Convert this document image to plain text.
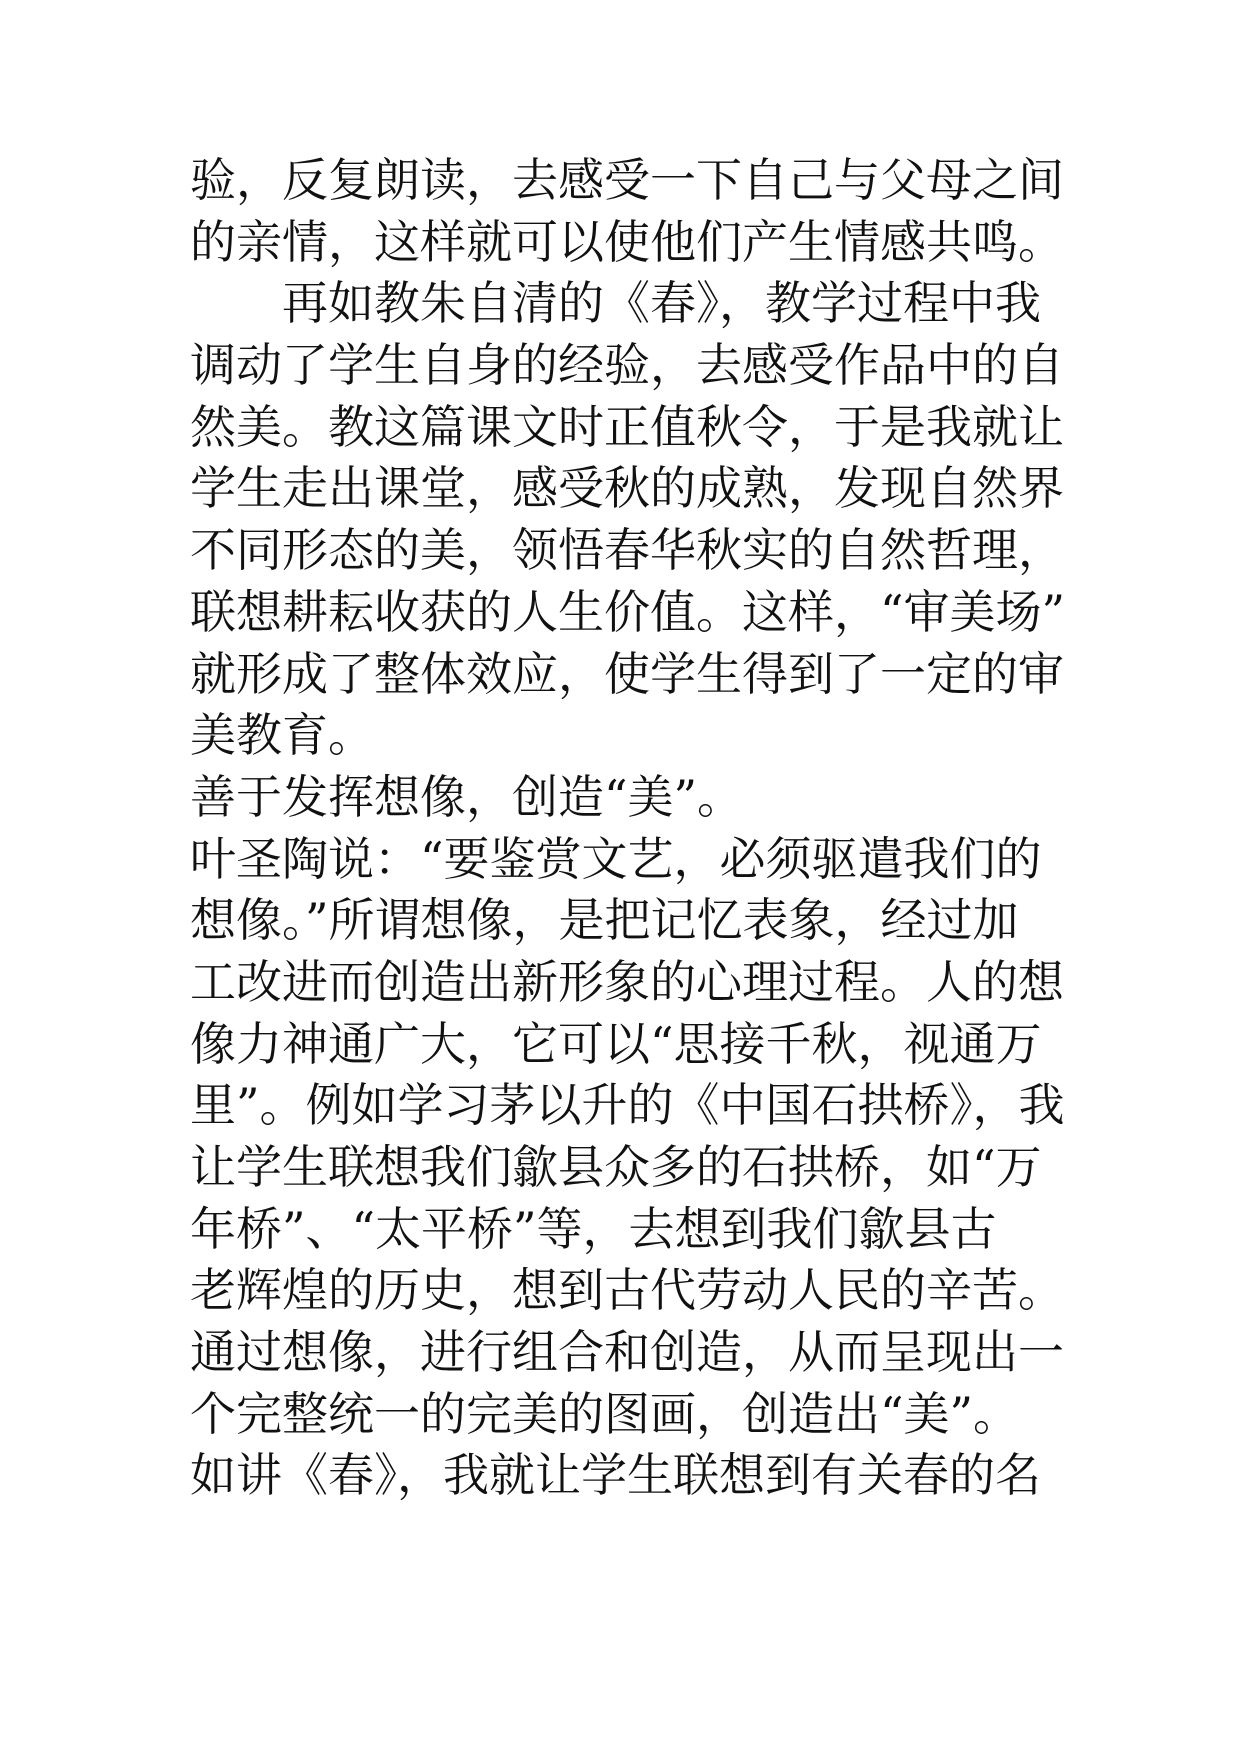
验，反复朗读，去感受一下自己与父母之间
的亲情，这样就可以使他们产生情感共鸣。
　　再如教朱自清的《春》，教学过程中我
调动了学生自身的经验，去感受作品中的自
然美。教这篇课文时正值秋令，于是我就让
学生走出课堂，感受秋的成熟，发现自然界
不同形态的美，领悟春华秋实的自然哲理，
联想耕耘收获的人生价值。这样，“审美场”
就形成了整体效应，使学生得到了一定的审
美教育。
善于发挥想像，创造“美”。
叶圣陶说：“要鉴赏文艺，必须驱遣我们的
想像。”所谓想像，是把记忆表象，经过加
工改进而创造出新形象的心理过程。人的想
像力神通广大，它可以“思接千秋，视通万
里”。例如学习茅以升的《中国石拱桥》，我
让学生联想我们歙县众多的石拱桥，如“万
年桥”、“太平桥”等，去想到我们歙县古
老辉煌的历史，想到古代劳动人民的辛苦。
通过想像，进行组合和创造，从而呈现出一
个完整统一的完美的图画，创造出“美”。
如讲《春》，我就让学生联想到有关春的名
